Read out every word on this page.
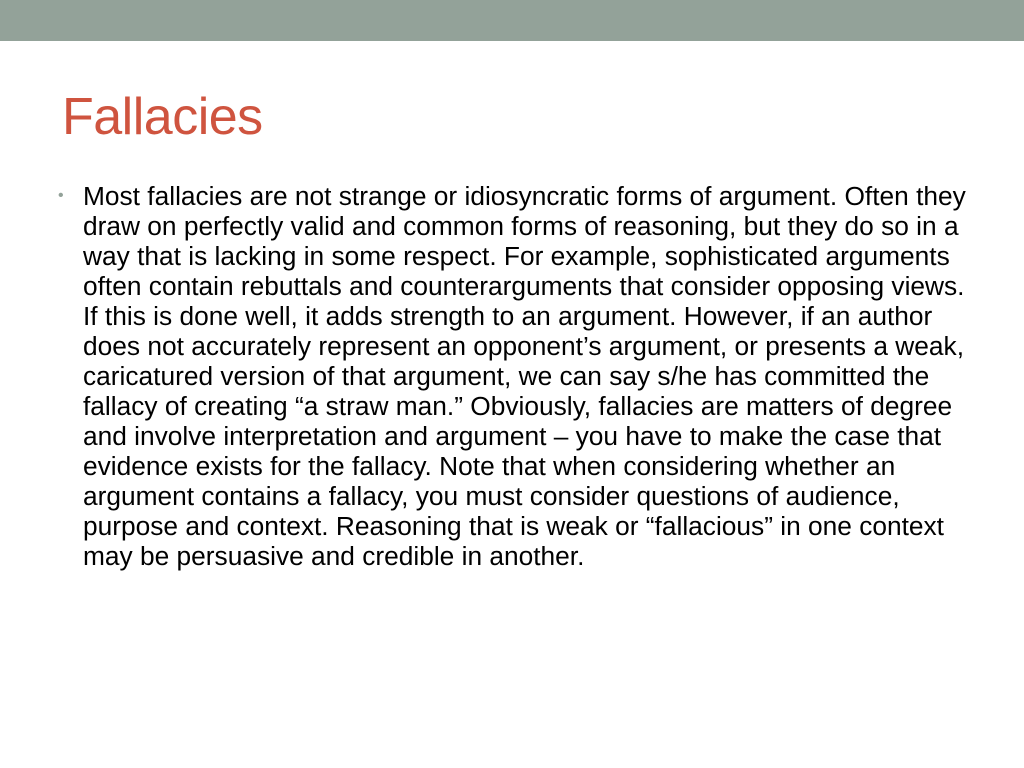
Fallacies
• Most fallacies are not strange or idiosyncratic forms of argument. Often they draw on perfectly valid and common forms of reasoning, but they do so in a way that is lacking in some respect. For example, sophisticated arguments often contain rebuttals and counterarguments that consider opposing views. If this is done well, it adds strength to an argument. However, if an author does not accurately represent an opponent’s argument, or presents a weak, caricatured version of that argument, we can say s/he has committed the fallacy of creating “a straw man.” Obviously, fallacies are matters of degree and involve interpretation and argument – you have to make the case that evidence exists for the fallacy. Note that when considering whether an argument contains a fallacy, you must consider questions of audience, purpose and context. Reasoning that is weak or “fallacious” in one context may be persuasive and credible in another.
